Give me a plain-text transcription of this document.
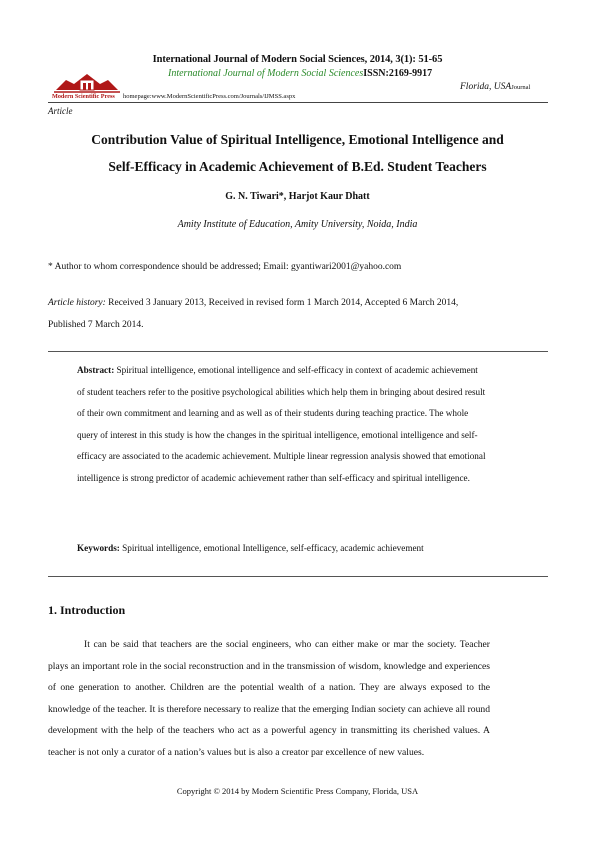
International Journal of Modern Social Sciences, 2014, 3(1): 51-65
International Journal of Modern Social SciencesISSN:2169-9917
Florida, USAJournal
Modern Scientific Press homepage:www.ModernScientificPress.com/Journals/IJMSS.aspx
Article
Contribution Value of Spiritual Intelligence, Emotional Intelligence and
Self-Efficacy in Academic Achievement of B.Ed. Student Teachers
G. N. Tiwari*, Harjot Kaur Dhatt
Amity Institute of Education, Amity University, Noida, India
* Author to whom correspondence should be addressed; Email: gyantiwari2001@yahoo.com
Article history: Received 3 January 2013, Received in revised form 1 March 2014, Accepted 6 March 2014, Published 7 March 2014.
Abstract: Spiritual intelligence, emotional intelligence and self-efficacy in context of academic achievement of student teachers refer to the positive psychological abilities which help them in bringing about desired result of their own commitment and learning and as well as of their students during teaching practice. The whole query of interest in this study is how the changes in the spiritual intelligence, emotional intelligence and self-efficacy are associated to the academic achievement. Multiple linear regression analysis showed that emotional intelligence is strong predictor of academic achievement rather than self-efficacy and spiritual intelligence.
Keywords: Spiritual intelligence, emotional Intelligence, self-efficacy, academic achievement
1. Introduction
It can be said that teachers are the social engineers, who can either make or mar the society. Teacher plays an important role in the social reconstruction and in the transmission of wisdom, knowledge and experiences of one generation to another. Children are the potential wealth of a nation. They are always exposed to the knowledge of the teacher. It is therefore necessary to realize that the emerging Indian society can achieve all round development with the help of the teachers who act as a powerful agency in transmitting its cherished values. A teacher is not only a curator of a nation’s values but is also a creator par excellence of new values.
Copyright © 2014 by Modern Scientific Press Company, Florida, USA
